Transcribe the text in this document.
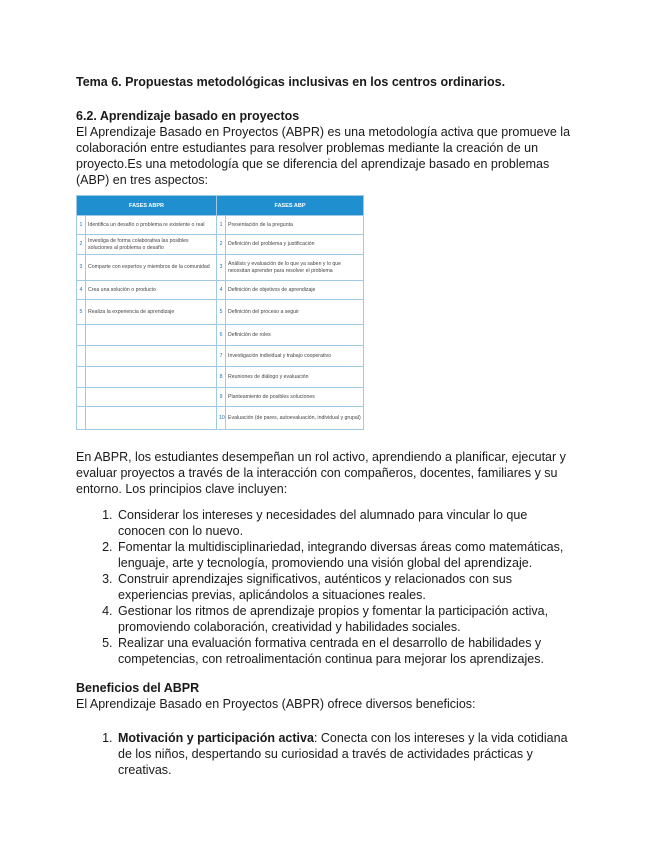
Tema 6. Propuestas metodológicas inclusivas en los centros ordinarios.

6.2. Aprendizaje basado en proyectos

El Aprendizaje Basado en Proyectos (ABPR) es una metodología activa que promueve la colaboración entre estudiantes para resolver problemas mediante la creación de un proyecto.Es una metodología que se diferencia del aprendizaje basado en problemas (ABP) en tres aspectos:

FASES ABPR		FASES ABP	
1	Identifica un desafío o problema re existente o real	1	Presentación de la pregunta
2	Investiga de forma colaborativa las posibles soluciones al problema o desafío	2	Definición del problema y justificación
3	Comparte con expertos y miembros de la comunidad	3	Análisis y evaluación de lo que ya saben y lo que necesitan aprender para resolver el problema
4	Crea una solución o producto	4	Definición de objetivos de aprendizaje
5	Realiza la experiencia de aprendizaje	5	Definición del proceso a seguir
		6	Definición de roles
		7	Investigación individual y trabajo cooperativo
		8	Reuniones de diálogo y evaluación
		9	Planteamiento de posibles soluciones
		10	Evaluación (de pares, autoevaluación, individual y grupal)

En ABPR, los estudiantes desempeñan un rol activo, aprendiendo a planificar, ejecutar y evaluar proyectos a través de la interacción con compañeros, docentes, familiares y su entorno. Los principios clave incluyen:

1. Considerar los intereses y necesidades del alumnado para vincular lo que conocen con lo nuevo.
2. Fomentar la multidisciplinariedad, integrando diversas áreas como matemáticas, lenguaje, arte y tecnología, promoviendo una visión global del aprendizaje.
3. Construir aprendizajes significativos, auténticos y relacionados con sus experiencias previas, aplicándolos a situaciones reales.
4. Gestionar los ritmos de aprendizaje propios y fomentar la participación activa, promoviendo colaboración, creatividad y habilidades sociales.
5. Realizar una evaluación formativa centrada en el desarrollo de habilidades y competencias, con retroalimentación continua para mejorar los aprendizajes.

Beneficios del ABPR

El Aprendizaje Basado en Proyectos (ABPR) ofrece diversos beneficios:

1. Motivación y participación activa: Conecta con los intereses y la vida cotidiana de los niños, despertando su curiosidad a través de actividades prácticas y creativas.
